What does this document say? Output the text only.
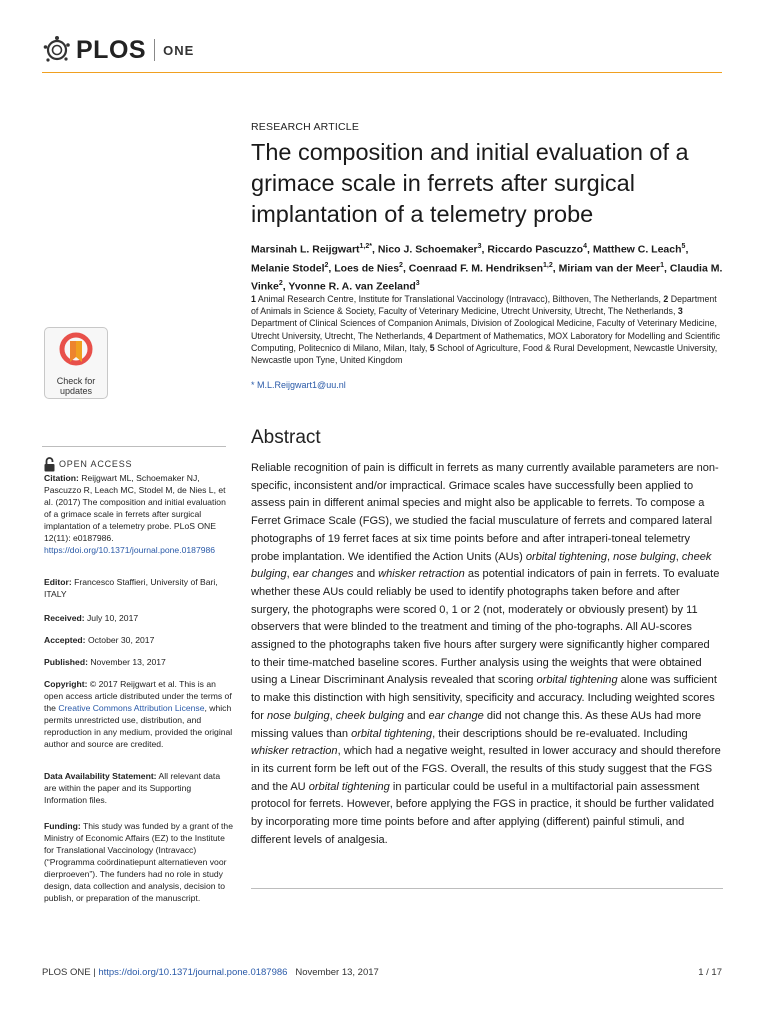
PLOS ONE
RESEARCH ARTICLE
The composition and initial evaluation of a grimace scale in ferrets after surgical implantation of a telemetry probe
Marsinah L. Reijgwart$^{1,2*}$, Nico J. Schoemaker$^3$, Riccardo Pascuzzo$^4$, Matthew C. Leach$^5$, Melanie Stodel$^2$, Loes de Nies$^2$, Coenraad F. M. Hendriksen$^{1,2}$, Miriam van der Meer$^1$, Claudia M. Vinke$^2$, Yvonne R. A. van Zeeland$^3$
1 Animal Research Centre, Institute for Translational Vaccinology (Intravacc), Bilthoven, The Netherlands, 2 Department of Animals in Science & Society, Faculty of Veterinary Medicine, Utrecht University, Utrecht, The Netherlands, 3 Department of Clinical Sciences of Companion Animals, Division of Zoological Medicine, Faculty of Veterinary Medicine, Utrecht University, Utrecht, The Netherlands, 4 Department of Mathematics, MOX Laboratory for Modelling and Scientific Computing, Politecnico di Milano, Milan, Italy, 5 School of Agriculture, Food & Rural Development, Newcastle University, Newcastle upon Tyne, United Kingdom
* M.L.Reijgwart1@uu.nl
Abstract
Reliable recognition of pain is difficult in ferrets as many currently available parameters are non-specific, inconsistent and/or impractical. Grimace scales have successfully been applied to assess pain in different animal species and might also be applicable to ferrets. To compose a Ferret Grimace Scale (FGS), we studied the facial musculature of ferrets and compared lateral photographs of 19 ferret faces at six time points before and after intraperi-toneal telemetry probe implantation. We identified the Action Units (AUs) orbital tightening, nose bulging, cheek bulging, ear changes and whisker retraction as potential indicators of pain in ferrets. To evaluate whether these AUs could reliably be used to identify photographs taken before and after surgery, the photographs were scored 0, 1 or 2 (not, moderately or obviously present) by 11 observers that were blinded to the treatment and timing of the pho-tographs. All AU-scores assigned to the photographs taken five hours after surgery were significantly higher compared to their time-matched baseline scores. Further analysis using the weights that were obtained using a Linear Discriminant Analysis revealed that scoring orbital tightening alone was sufficient to make this distinction with high sensitivity, specificity and accuracy. Including weighted scores for nose bulging, cheek bulging and ear change did not change this. As these AUs had more missing values than orbital tightening, their descriptions should be re-evaluated. Including whisker retraction, which had a negative weight, resulted in lower accuracy and should therefore in its current form be left out of the FGS. Overall, the results of this study suggest that the FGS and the AU orbital tightening in particular could be useful in a multifactorial pain assessment protocol for ferrets. However, before applying the FGS in practice, it should be further validated by incorporating more time points before and after applying (different) painful stimuli, and different levels of analgesia.
Check for
updates
OPEN ACCESS
Citation: Reijgwart ML, Schoemaker NJ, Pascuzzo R, Leach MC, Stodel M, de Nies L, et al. (2017) The composition and initial evaluation of a grimace scale in ferrets after surgical implantation of a telemetry probe. PLoS ONE 12(11): e0187986. https://doi.org/10.1371/journal.pone.0187986
Editor: Francesco Staffieri, University of Bari, ITALY
Received: July 10, 2017
Accepted: October 30, 2017
Published: November 13, 2017
Copyright: © 2017 Reijgwart et al. This is an open access article distributed under the terms of the Creative Commons Attribution License, which permits unrestricted use, distribution, and reproduction in any medium, provided the original author and source are credited.
Data Availability Statement: All relevant data are within the paper and its Supporting Information files.
Funding: This study was funded by a grant of the Ministry of Economic Affairs (EZ) to the Institute for Translational Vaccinology (Intravacc) (“Programma coördinatiepunt alternatieven voor dierproeven”). The funders had no role in study design, data collection and analysis, decision to publish, or preparation of the manuscript.
PLOS ONE | https://doi.org/10.1371/journal.pone.0187986 November 13, 2017	1 / 17
